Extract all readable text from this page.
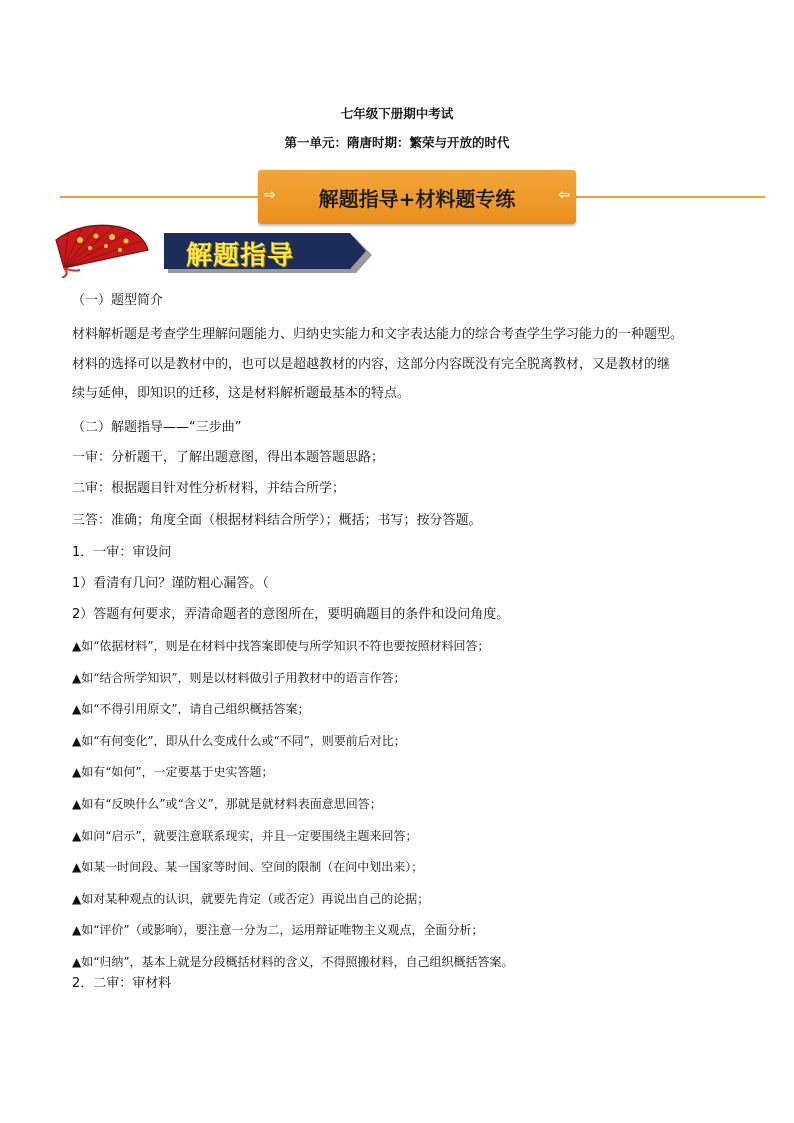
七年级下册期中考试
第一单元：隋唐时期：繁荣与开放的时代
⇨ 解题指导+材料题专练	⇦
解题指导
（一）题型简介
材料解析题是考查学生理解问题能力、归纳史实能力和文字表达能力的综合考查学生学习能力的一种题型。
材料的选择可以是教材中的，也可以是超越教材的内容，这部分内容既没有完全脱离教材，又是教材的继
续与延伸，即知识的迁移，这是材料解析题最基本的特点。
（二）解题指导——“三步曲”
一审：分析题干，了解出题意图，得出本题答题思路；
二审：根据题目针对性分析材料，并结合所学；
三答：准确；角度全面（根据材料结合所学）；概括；书写；按分答题。
1．一审：审设问
1）看清有几问？谨防粗心漏答。（
2）答题有何要求，弄清命题者的意图所在，要明确题目的条件和设问角度。
▲如“依据材料”，则是在材料中找答案即使与所学知识不符也要按照材料回答；
▲如“结合所学知识”，则是以材料做引子用教材中的语言作答；
▲如“不得引用原文”，请自己组织概括答案；
▲如“有何变化”，即从什么变成什么或“不同”，则要前后对比；
▲如有“如何”，一定要基于史实答题；
▲如有“反映什么”或“含义”，那就是就材料表面意思回答；
▲如问“启示”，就要注意联系现实，并且一定要围绕主题来回答；
▲如某一时间段、某一国家等时间、空间的限制（在问中划出来）；
▲如对某种观点的认识，就要先肯定（或否定）再说出自己的论据；
▲如“评价”（或影响），要注意一分为二，运用辩证唯物主义观点，全面分析；
▲如“归纳”，基本上就是分段概括材料的含义，不得照搬材料，自己组织概括答案。
2．二审：审材料
